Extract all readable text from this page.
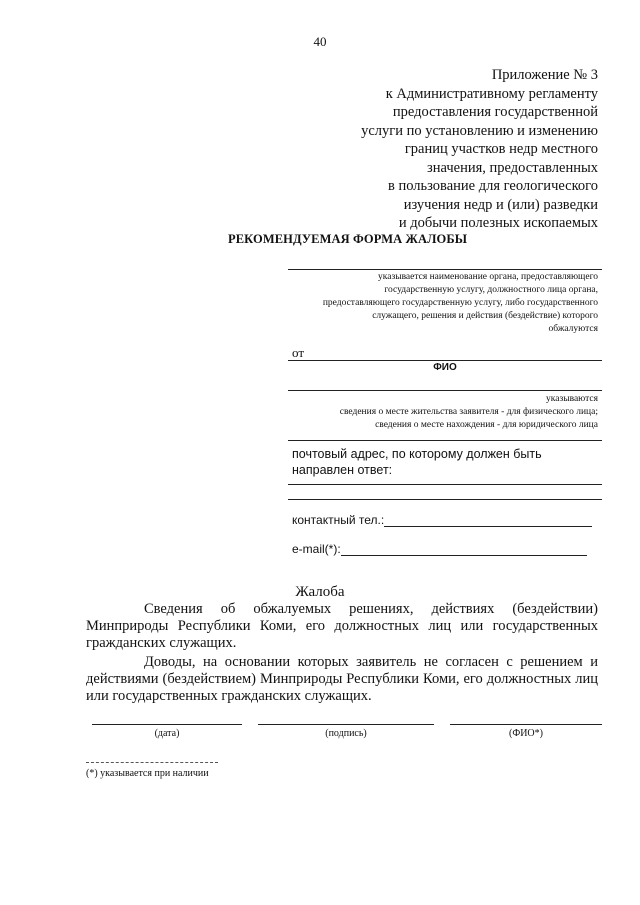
40
Приложение № 3
к Административному регламенту
предоставления государственной
услуги по установлению и изменению
границ участков недр местного
значения, предоставленных
в пользование для геологического
изучения недр и (или) разведки
и добычи полезных ископаемых
РЕКОМЕНДУЕМАЯ ФОРМА ЖАЛОБЫ
указывается наименование органа, предоставляющего
государственную услугу, должностного лица органа,
предоставляющего государственную услугу, либо государственного
служащего, решения и действия (бездействие) которого
обжалуются
от
ФИО
указываются
сведения о месте жительства заявителя - для физического лица;
сведения о месте нахождения - для юридического лица
почтовый адрес, по которому должен быть направлен ответ:
контактный тел.:
e-mail(*):
Жалоба
Сведения об обжалуемых решениях, действиях (бездействии) Минприроды Республики Коми, его должностных лиц или государственных гражданских служащих.
Доводы, на основании которых заявитель не согласен с решением и действиями (бездействием) Минприроды Республики Коми, его должностных лиц или государственных гражданских служащих.
(дата)	(подпись)	(ФИО*)
(*) указывается при наличии
